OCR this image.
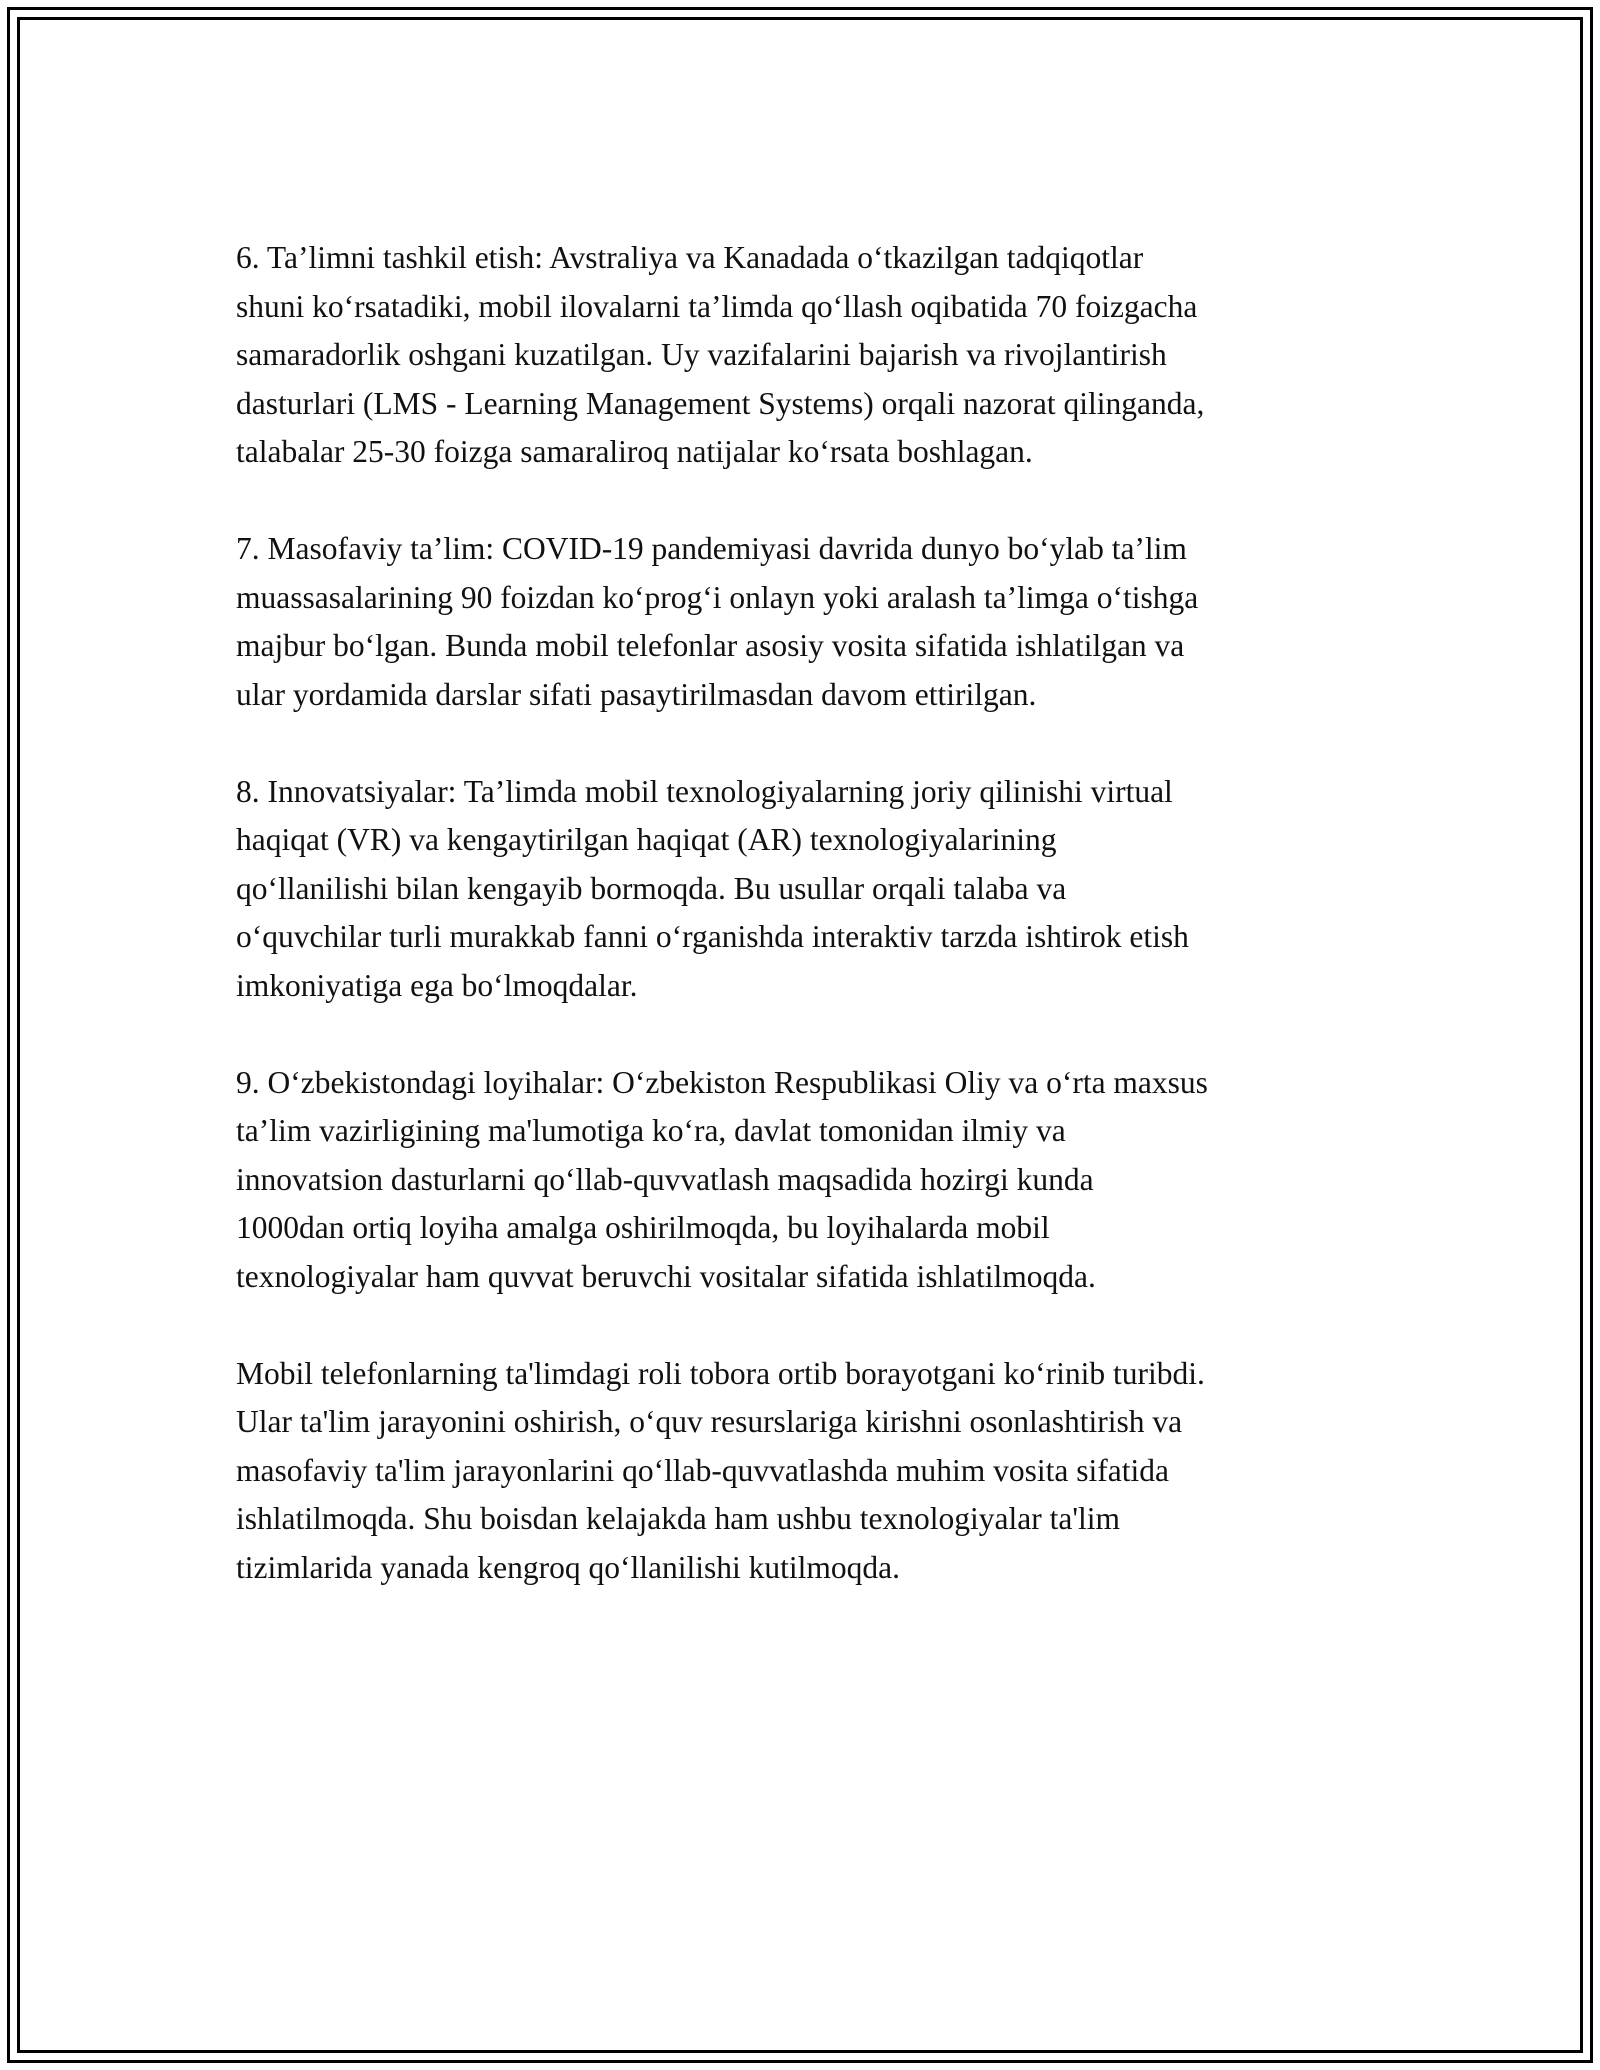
6. Ta’limni tashkil etish: Avstraliya va Kanadada o‘tkazilgan tadqiqotlar
shuni ko‘rsatadiki, mobil ilovalarni ta’limda qo‘llash oqibatida 70 foizgacha
samaradorlik oshgani kuzatilgan. Uy vazifalarini bajarish va rivojlantirish
dasturlari (LMS - Learning Management Systems) orqali nazorat qilinganda,
talabalar 25-30 foizga samaraliroq natijalar ko‘rsata boshlagan.

7. Masofaviy ta’lim: COVID-19 pandemiyasi davrida dunyo bo‘ylab ta’lim
muassasalarining 90 foizdan ko‘prog‘i onlayn yoki aralash ta’limga o‘tishga
majbur bo‘lgan. Bunda mobil telefonlar asosiy vosita sifatida ishlatilgan va
ular yordamida darslar sifati pasaytirilmasdan davom ettirilgan.

8. Innovatsiyalar: Ta’limda mobil texnologiyalarning joriy qilinishi virtual
haqiqat (VR) va kengaytirilgan haqiqat (AR) texnologiyalarining
qo‘llanilishi bilan kengayib bormoqda. Bu usullar orqali talaba va
o‘quvchilar turli murakkab fanni o‘rganishda interaktiv tarzda ishtirok etish
imkoniyatiga ega bo‘lmoqdalar.

9. O‘zbekistondagi loyihalar: O‘zbekiston Respublikasi Oliy va o‘rta maxsus
ta’lim vazirligining ma'lumotiga ko‘ra, davlat tomonidan ilmiy va
innovatsion dasturlarni qo‘llab-quvvatlash maqsadida hozirgi kunda
1000dan ortiq loyiha amalga oshirilmoqda, bu loyihalarda mobil
texnologiyalar ham quvvat beruvchi vositalar sifatida ishlatilmoqda.

Mobil telefonlarning ta'limdagi roli tobora ortib borayotgani ko‘rinib turibdi.
Ular ta'lim jarayonini oshirish, o‘quv resurslariga kirishni osonlashtirish va
masofaviy ta'lim jarayonlarini qo‘llab-quvvatlashda muhim vosita sifatida
ishlatilmoqda. Shu boisdan kelajakda ham ushbu texnologiyalar ta'lim
tizimlarida yanada kengroq qo‘llanilishi kutilmoqda.
